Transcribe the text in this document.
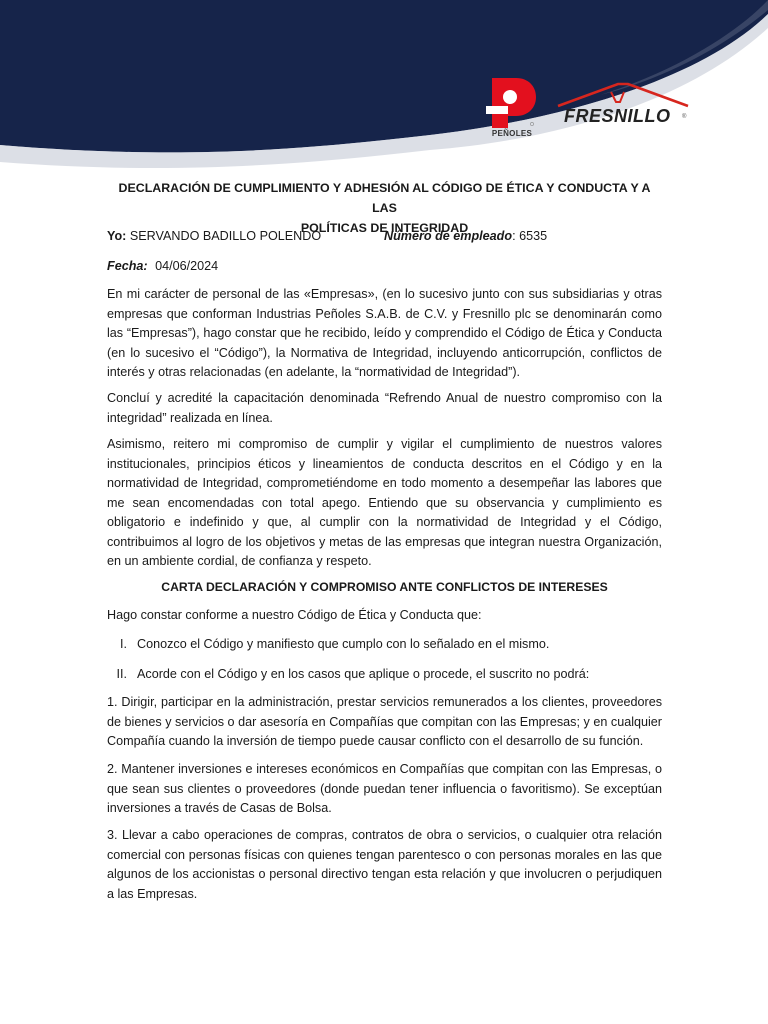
PEÑOLES
FRESNILLO ®
DECLARACIÓN DE CUMPLIMIENTO Y ADHESIÓN AL CÓDIGO DE ÉTICA Y CONDUCTA Y A LAS
POLÍTICAS DE INTEGRIDAD
Yo: SERVANDO BADILLO POLENDO	Número de empleado: 6535
Fecha: 04/06/2024
En mi carácter de personal de las «Empresas», (en lo sucesivo junto con sus subsidiarias y otras empresas que conforman Industrias Peñoles S.A.B. de C.V. y Fresnillo plc se denominarán como las “Empresas”), hago constar que he recibido, leído y comprendido el Código de Ética y Conducta (en lo sucesivo el “Código”), la Normativa de Integridad, incluyendo anticorrupción, conflictos de interés y otras relacionadas (en adelante, la “normatividad de Integridad”).
Concluí y acredité la capacitación denominada “Refrendo Anual de nuestro compromiso con la integridad” realizada en línea.
Asimismo, reitero mi compromiso de cumplir y vigilar el cumplimiento de nuestros valores institucionales, principios éticos y lineamientos de conducta descritos en el Código y en la normatividad de Integridad, comprometiéndome en todo momento a desempeñar las labores que me sean encomendadas con total apego. Entiendo que su observancia y cumplimiento es obligatorio e indefinido y que, al cumplir con la normatividad de Integridad y el Código, contribuimos al logro de los objetivos y metas de las empresas que integran nuestra Organización, en un ambiente cordial, de confianza y respeto.
CARTA DECLARACIÓN Y COMPROMISO ANTE CONFLICTOS DE INTERESES
Hago constar conforme a nuestro Código de Ética y Conducta que:
I. Conozco el Código y manifiesto que cumplo con lo señalado en el mismo.
II. Acorde con el Código y en los casos que aplique o procede, el suscrito no podrá:
1. Dirigir, participar en la administración, prestar servicios remunerados a los clientes, proveedores de bienes y servicios o dar asesoría en Compañías que compitan con las Empresas; y en cualquier Compañía cuando la inversión de tiempo puede causar conflicto con el desarrollo de su función.
2. Mantener inversiones e intereses económicos en Compañías que compitan con las Empresas, o que sean sus clientes o proveedores (donde puedan tener influencia o favoritismo). Se exceptúan inversiones a través de Casas de Bolsa.
3. Llevar a cabo operaciones de compras, contratos de obra o servicios, o cualquier otra relación comercial con personas físicas con quienes tengan parentesco o con personas morales en las que algunos de los accionistas o personal directivo tengan esta relación y que involucren o perjudiquen a las Empresas.
